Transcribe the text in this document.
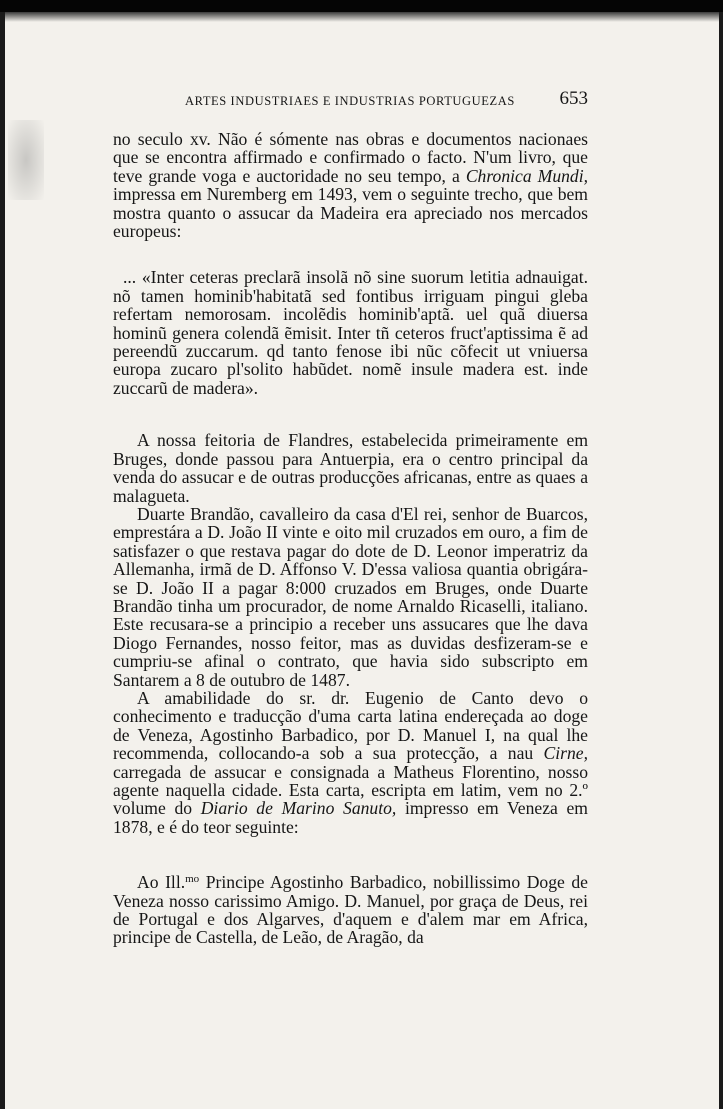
ARTES INDUSTRIAES E INDUSTRIAS PORTUGUEZAS 653

no seculo xv. Não é sómente nas obras e documentos nacionaes que se encontra affirmado e confirmado o facto. N'um livro, que teve grande voga e auctoridade no seu tempo, a Chronica Mundi, impressa em Nuremberg em 1493, vem o seguinte trecho, que bem mostra quanto o assucar da Madeira era apreciado nos mercados europeus:

... «Inter ceteras preclarã insolã nõ sine suorum letitia adnauigat. nõ tamen hominib'habitatã sed fontibus irriguam pingui gleba refertam nemorosam. incolẽdis hominib'aptã. uel quã diuersa hominũ genera colendã ẽmisit. Inter tñ ceteros fruct'aptissima ẽ ad pereendũ zuccarum. qd tanto fenose ibi nũc cõfecit ut vniuersa europa zucaro pl'solito habũdet. nomẽ insule madera est. inde zuccarũ de madera».

A nossa feitoria de Flandres, estabelecida primeiramente em Bruges, donde passou para Antuerpia, era o centro principal da venda do assucar e de outras producções africanas, entre as quaes a malagueta.

Duarte Brandão, cavalleiro da casa d'El rei, senhor de Buarcos, emprestára a D. João II vinte e oito mil cruzados em ouro, a fim de satisfazer o que restava pagar do dote de D. Leonor imperatriz da Allemanha, irmã de D. Affonso V. D'essa valiosa quantia obrigára-se D. João II a pagar 8:000 cruzados em Bruges, onde Duarte Brandão tinha um procurador, de nome Arnaldo Ricaselli, italiano. Este recusara-se a principio a receber uns assucares que lhe dava Diogo Fernandes, nosso feitor, mas as duvidas desfizeram-se e cumpriu-se afinal o contrato, que havia sido subscripto em Santarem a 8 de outubro de 1487.

A amabilidade do sr. dr. Eugenio de Canto devo o conhecimento e traducção d'uma carta latina endereçada ao doge de Veneza, Agostinho Barbadico, por D. Manuel I, na qual lhe recommenda, collocando-a sob a sua protecção, a nau Cirne, carregada de assucar e consignada a Matheus Florentino, nosso agente naquella cidade. Esta carta, escripta em latim, vem no 2.º volume do Diario de Marino Sanuto, impresso em Veneza em 1878, e é do teor seguinte:

Ao Ill.$^{mo}$ Principe Agostinho Barbadico, nobillissimo Doge de Veneza nosso carissimo Amigo. D. Manuel, por graça de Deus, rei de Portugal e dos Algarves, d'aquem e d'alem mar em Africa, principe de Castella, de Leão, de Aragão, da
